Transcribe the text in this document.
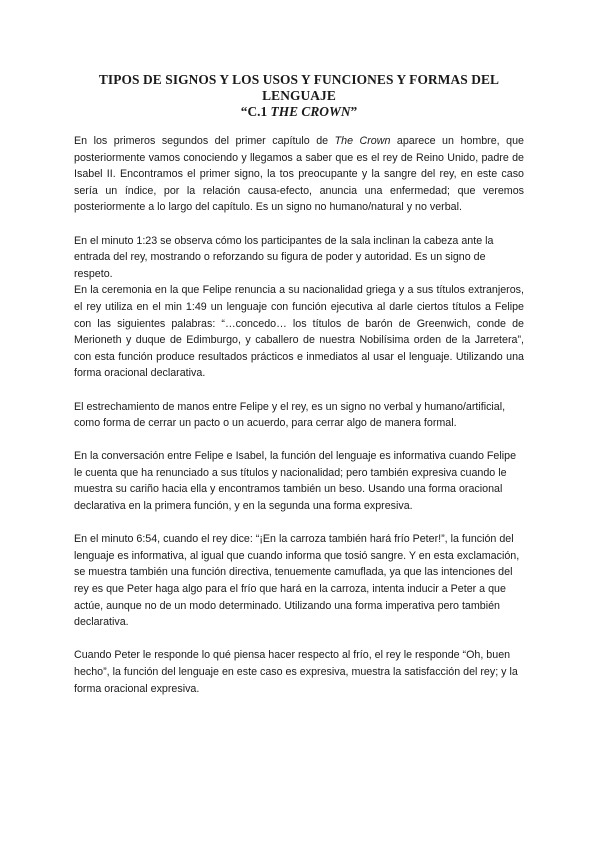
TIPOS DE SIGNOS Y LOS USOS Y FUNCIONES Y FORMAS DEL LENGUAJE
“C.1 THE CROWN”

En los primeros segundos del primer capítulo de The Crown aparece un hombre, que posteriormente vamos conociendo y llegamos a saber que es el rey de Reino Unido, padre de Isabel II. Encontramos el primer signo, la tos preocupante y la sangre del rey, en este caso sería un índice, por la relación causa-efecto, anuncia una enfermedad; que veremos posteriormente a lo largo del capítulo. Es un signo no humano/natural y no verbal.

En el minuto 1:23 se observa cómo los participantes de la sala inclinan la cabeza ante la entrada del rey, mostrando o reforzando su figura de poder y autoridad. Es un signo de respeto.

En la ceremonia en la que Felipe renuncia a su nacionalidad griega y a sus títulos extranjeros, el rey utiliza en el min 1:49 un lenguaje con función ejecutiva al darle ciertos títulos a Felipe con las siguientes palabras: “…concedo… los títulos de barón de Greenwich, conde de Merioneth y duque de Edimburgo, y caballero de nuestra Nobilísima orden de la Jarretera”, con esta función produce resultados prácticos e inmediatos al usar el lenguaje. Utilizando una forma oracional declarativa.

El estrechamiento de manos entre Felipe y el rey, es un signo no verbal y humano/artificial, como forma de cerrar un pacto o un acuerdo, para cerrar algo de manera formal.

En la conversación entre Felipe e Isabel, la función del lenguaje es informativa cuando Felipe le cuenta que ha renunciado a sus títulos y nacionalidad; pero también expresiva cuando le muestra su cariño hacia ella y encontramos también un beso. Usando una forma oracional declarativa en la primera función, y en la segunda una forma expresiva.

En el minuto 6:54, cuando el rey dice: “¡En la carroza también hará frío Peter!”, la función del lenguaje es informativa, al igual que cuando informa que tosió sangre. Y en esta exclamación, se muestra también una función directiva, tenuemente camuflada, ya que las intenciones del rey es que Peter haga algo para el frío que hará en la carroza, intenta inducir a Peter a que actúe, aunque no de un modo determinado. Utilizando una forma imperativa pero también declarativa.

Cuando Peter le responde lo qué piensa hacer respecto al frío, el rey le responde “Oh, buen hecho”, la función del lenguaje en este caso es expresiva, muestra la satisfacción del rey; y la forma oracional expresiva.
